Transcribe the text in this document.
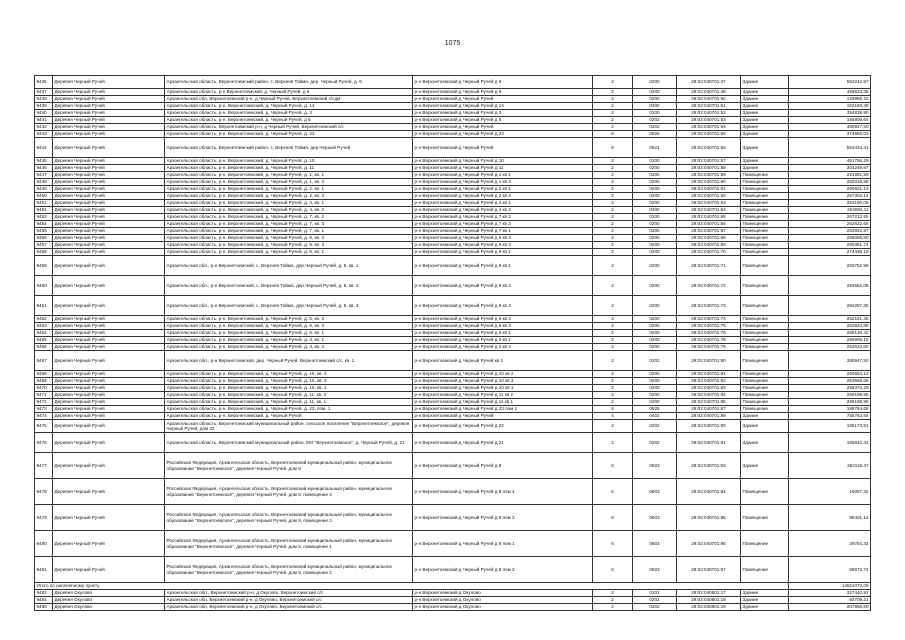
1075
9436	Деревня Черный Ручей	Архангельская область, Верхнетоемский район, с. Верхняя Тойма, дер. Черный Ручей, д. 6	р-н Верхнетоемский д Черный Ручей д 6	2	0200	29:02:040701:47	Здание	554242,97
9437	Деревня Черный Ручей	Архангельская область, р-н Верхнетоемский, д. Черный Ручей, д 6	р-н Верхнетоемский д Черный Ручей д 6	2	0200	29:02:040701:48	Здание	455523,36
9438	Деревня Черный Ручей	Архангельская обл, Верхнетоемский р-н, д Черный Ручей, Верхнетоемский с/сдм	р-н Верхнетоемский д Черный Ручей	2	0200	29:02:040701:50	Здание	125858,22
9439	Деревня Черный Ручей	Архангельская область, р-н. Верхнетоемский, д. Черный Ручей, д. 14	р-н Верхнетоемский д Черный Ручей д 14	2	0200	29:02:040701:51	Здание	152183,48
9440	Деревня Черный Ручей	Архангельская область, р-н. Верхнетоемский, д. Черный Ручей, д. 3	р-н Верхнетоемский д Черный Ручей д 3	2	0200	29:02:040701:52	Здание	354838,90
9441	Деревня Черный Ручей	Архангельская область, р-н. Верхнетоемский, д. Черный Ручей, д 6	р-н Верхнетоемский д Черный Ручей д 6	2	0202	29:02:040701:53	Здание	165806,64
9442	Деревня Черный Ручей	Архангельская область, Верхнетоемский р-н, д Черный Ручей, Верхнетоемский с/с	р-н Верхнетоемский д Черный Ручей	2	0202	29:02:040701:54	Здание	380947,50
9443	Деревня Черный Ручей	Архангельская область, р-н. Верхнетоемский, д. Черный Ручей, д. 23	р-н Верхнетоемский д Черный Ручей д 23	8	0825	29:02:040701:55	Здание	374858,03
9444	Деревня Черный Ручей	Архангельская область, Верхнетоемский район, с. Верхняя Тойма, дер.Черный Ручей	р-н Верхнетоемский д Черный Ручей	8	0821	29:02:040701:56	Здание	552434,41
9445	Деревня Черный Ручей	Архангельская область, р-н. Верхнетоемский, д. Черный Ручей, д. 10	р-н Верхнетоемский д Черный Ручей д 10	2	0200	29:02:040701:57	Здание	451756,25
9446	Деревня Черный Ручей	Архангельская область, р-н. Верхнетоемский, д. Черный Ручей, д. 11	р-н Верхнетоемский д Черный Ручей д 11	2	0200	29:02:040701:58	Здание	304249,97
9447	Деревня Черный Ручей	Архангельская область, р-н. Верхнетоемский, д. Черный Ручей, д. 1, кв. 1	р-н Верхнетоемский д Черный Ручей д 1 кв 1	2	0200	29:02:040701:59	Помещение	251681,59
9448	Деревня Черный Ручей	Архангельская область, р-н. Верхнетоемский, д. Черный Ручей, д. 1, кв. 2	р-н Верхнетоемский д Черный Ручей д 1 кв 2	2	0200	29:02:040701:60	Помещение	250318,58
9449	Деревня Черный Ручей	Архангельская область, р-н. Верхнетоемский, д. Черный Ручей, д. 2, кв. 1	р-н Верхнетоемский д Черный Ручей д 2 кв 1	2	0200	29:02:040701:61	Помещение	260821,13
9450	Деревня Черный Ручей	Архангельская область, р-н. Верхнетоемский, д. Черный Ручей, д. 2, кв. 2	р-н Верхнетоемский д Черный Ручей д 2 кв 2	2	0200	29:02:040701:62	Помещение	257302,14
9451	Деревня Черный Ручей	Архангельская область, р-н. Верхнетоемский, д. Черный Ручей, д. 4, кв. 1	р-н Верхнетоемский д Черный Ручей д 4 кв 1	2	0200	29:02:040701:63	Помещение	253160,09
9452	Деревня Черный Ручей	Архангельская область, р-н. Верхнетоемский, д. Черный Ручей, д. 4, кв. 2	р-н Верхнетоемский д Черный Ручей д 4 кв 2	2	0200	29:02:040701:64	Помещение	254084,11
9453	Деревня Черный Ручей	Архангельская область, р-н. Верхнетоемский, д. Черный Ручей, д. 7, кв. 2	р-н Верхнетоемский д Черный Ручей д 7 кв 2	2	0200	29:02:040701:65	Помещение	267213,55
9454	Деревня Черный Ручей	Архангельская область, р-н. Верхнетоемский, д. Черный Ручей, д. 7, кв. 3	р-н Верхнетоемский д Черный Ручей д 7 кв 3	2	0200	29:02:040701:66	Помещение	262622,65
9455	Деревня Черный Ручей	Архангельская область, р-н. Верхнетоемский, д. Черный Ручей, д. 7, кв. 1	р-н Верхнетоемский д Черный Ручей д 7 кв 1	2	0200	29:02:040701:67	Помещение	264922,87
9456	Деревня Черный Ручей	Архангельская область, р-н. Верхнетоемский, д. Черный Ручей, д. 9, кв. 2	р-н Верхнетоемский д Черный Ручей д 9 кв 2	2	0200	29:02:040701:68	Помещение	286065,60
9457	Деревня Черный Ручей	Архангельская область, р-н. Верхнетоемский, д. Черный Ручей, д. 9, кв. 3	р-н Верхнетоемский д Черный Ручей д 9 кв 3	2	0200	29:02:040701:69	Помещение	280351,74
9458	Деревня Черный Ручей	Архангельская область, р-н. Верхнетоемский, д. Черный Ручей, д. 9, кв. 1	р-н Верхнетоемский д Черный Ручей д 9 кв 1	2	0200	29:02:040701:70	Помещение	274436,19
9459	Деревня Черный Ручей	Архангельская обл., р-н Верхнетоемский, с. Верхняя Тойма, дер.Черный Ручей, д. 8, кв. 1	р-н Верхнетоемский д Черный Ручей д 8 кв 1	2	0200	29:02:040701:71	Помещение	260752,98
9460	Деревня Черный Ручей	Архангельская обл., р-н Верхнетоемский, с. Верхняя Тойма, дер.Черный Ручей, д. 8, кв. 2	р-н Верхнетоемский д Черный Ручей д 8 кв 2	2	0200	29:02:040701:72	Помещение	283562,08
9461	Деревня Черный Ручей	Архангельская обл., р-н Верхнетоемский, с. Верхняя Тойма, дер.Черный Ручей, д. 8, кв. 3	р-н Верхнетоемский д Черный Ручей д 8 кв 3	2	0200	29:02:040701:73	Помещение	294287,35
9462	Деревня Черный Ручей	Архангельская область, р-н. Верхнетоемский, д. Черный Ручей, д. 6, кв. 2	р-н Верхнетоемский д Черный Ручей д 6 кв 2	2	0200	29:02:040701:74	Помещение	262181,45
9463	Деревня Черный Ручей	Архангельская область, р-н. Верхнетоемский, д. Черный Ручей, д. 6, кв. 3	р-н Верхнетоемский д Черный Ручей д 6 кв 3	2	0200	29:02:040701:75	Помещение	262822,85
9464	Деревня Черный Ручей	Архангельская область, р-н. Верхнетоемский, д. Черный Ручей, д. 6, кв. 1	р-н Верхнетоемский д Черный Ручей д 6 кв 1	2	0200	29:02:040701:76	Помещение	258130,42
9465	Деревня Черный Ручей	Архангельская область, р-н. Верхнетоемский, д. Черный Ручей, д. 3, кв. 1	р-н Верхнетоемский д Черный Ручей д 3 кв 1	2	0200	29:02:040701:78	Помещение	255906,16
9466	Деревня Черный Ручей	Архангельская область, р-н. Верхнетоемский, д. Черный Ручей, д. 3, кв. 2	р-н Верхнетоемский д Черный Ручей д 3 кв 2	2	0200	29:02:040701:79	Помещение	253622,60
9467	Деревня Черный Ручей	Архангельская обл., р-н Верхнетоемский, дер. Черный Ручей, Верхнетоемский с/с, кв. 1	р-н Верхнетоемский д Черный Ручей кв 1	2	0202	29:02:040701:80	Помещение	380947,50
9468	Деревня Черный Ручей	Архангельская область, р-н. Верхнетоемский, д. Черный Ручей, д. 10, кв. 2	р-н Верхнетоемский д Черный Ручей д 10 кв 2	2	0200	29:02:040701:81	Помещение	260663,13
9469	Деревня Черный Ручей	Архангельская область, р-н. Верхнетоемский, д. Черный Ручей, д. 10, кв. 3	р-н Верхнетоемский д Черный Ручей д 10 кв 3	2	0200	29:02:040701:82	Помещение	253568,68
9470	Деревня Черный Ручей	Архангельская область, р-н. Верхнетоемский, д. Черный Ручей, д. 10, кв. 1	р-н Верхнетоемский д Черный Ручей д 10 кв 1	2	0200	29:02:040701:83	Помещение	258374,29
9471	Деревня Черный Ручей	Архангельская область, р-н. Верхнетоемский, д. Черный Ручей, д. 11, кв. 2	р-н Верхнетоемский д Черный Ручей д 11 кв 2	2	0200	29:02:040701:84	Помещение	259198,95
9472	Деревня Черный Ручей	Архангельская область, р-н. Верхнетоемский, д. Черный Ручей, д. 11, кв. 1	р-н Верхнетоемский д Черный Ручей д 11 кв 1	2	0200	29:02:040701:85	Помещение	259198,95
9473	Деревня Черный Ручей	Архангельская область, р-н. Верхнетоемский, д. Черный Ручей, д. 23, пом. 1	р-н Верхнетоемский д Черный Ручей д 23 пом 1	8	0825	29:02:040701:87	Помещение	188784,68
9474	Деревня Черный Ручей	Архангельская область, р-н. Верхнетоемский, д. Черный Ручей	р-н Верхнетоемский д Черный Ручей	4	0402	29:02:040701:88	Здание	755763,84
9475	Деревня Черный Ручей	Архангельская область, Верхнетоемский муниципальный район, сельское поселение "Верхнетоемское", деревня Черный Ручей, дом 22	р-н Верхнетоемский д Черный Ручей д 22	2	0202	29:02:040701:90	Здание	185173,91
9476	Деревня Черный Ручей	Архангельская область, Верхнетоемский муниципальный район, МО "Верхнетоемское", д. Черный Ручей, д. 21	р-н Верхнетоемский д Черный Ручей д 21	2	0202	29:02:040701:91	Здание	165642,41
9477	Деревня Черный Ручей	Российская Федерация, Архангельская область, Верхнетоемский муниципальный район, муниципальное образование "Верхнетоемское", деревня Черный Ручей, дом 8	р-н Верхнетоемский д Черный Ручей д 8	6	0603	29:02:040701:93	Здание	262118,47
9478	Деревня Черный Ручей	Российская Федерация, Архангельская область, Верхнетоемский муниципальный район, муниципальное образование "Верхнетоемское", деревня Черный Ручей, дом 8, помещение 4	р-н Верхнетоемский д Черный Ручей д 8 пом 4	6	0603	29:02:040701:94	Помещение	16067,32
9479	Деревня Черный Ручей	Российская Федерация, Архангельская область, Верхнетоемский муниципальный район, муниципальное образование "Верхнетоемское", деревня Черный Ручей, дом 8, помещение 3	р-н Верхнетоемский д Черный Ручей д 8 пом 3	6	0603	29:02:040701:95	Помещение	95401,14
9480	Деревня Черный Ручей	Российская Федерация, Архангельская область, Верхнетоемский муниципальный район, муниципальное образование "Верхнетоемское", деревня Черный Ручей, дом 8, помещение 1	р-н Верхнетоемский д Черный Ручей д 8 пом 1	6	0603	29:02:040701:96	Помещение	29754,33
9481	Деревня Черный Ручей	Российская Федерация, Архангельская область, Верхнетоемский муниципальный район, муниципальное образование "Верхнетоемское", деревня Черный Ручей, дом 8, помещение 2	р-н Верхнетоемский д Черный Ручей д 8 пом 2	6	0603	29:02:040701:97	Помещение	59672,73
Итого по населенному пункту								14811073,06
9483	Деревня Окулово	Архангельская обл., Верхнетоемский р-н, д Окулово, Верхнетоемский с/с	р-н Верхнетоемский д Окулово	2	0202	29:02:040801:17	Здание	327440,92
9484	Деревня Окулово	Архангельская обл, Верхнетоемский р-н, д Окулово, Верхнетоемский с/с	р-н Верхнетоемский д Окулово	2	0202	29:02:040801:18	Здание	82709,21
9485	Деревня Окулово	Архангельская обл, Верхнетоемский р-н, д Окулово, Верхнетоемский с/с	р-н Верхнетоемский д Окулово	2	0202	29:02:040801:19	Здание	207856,60
